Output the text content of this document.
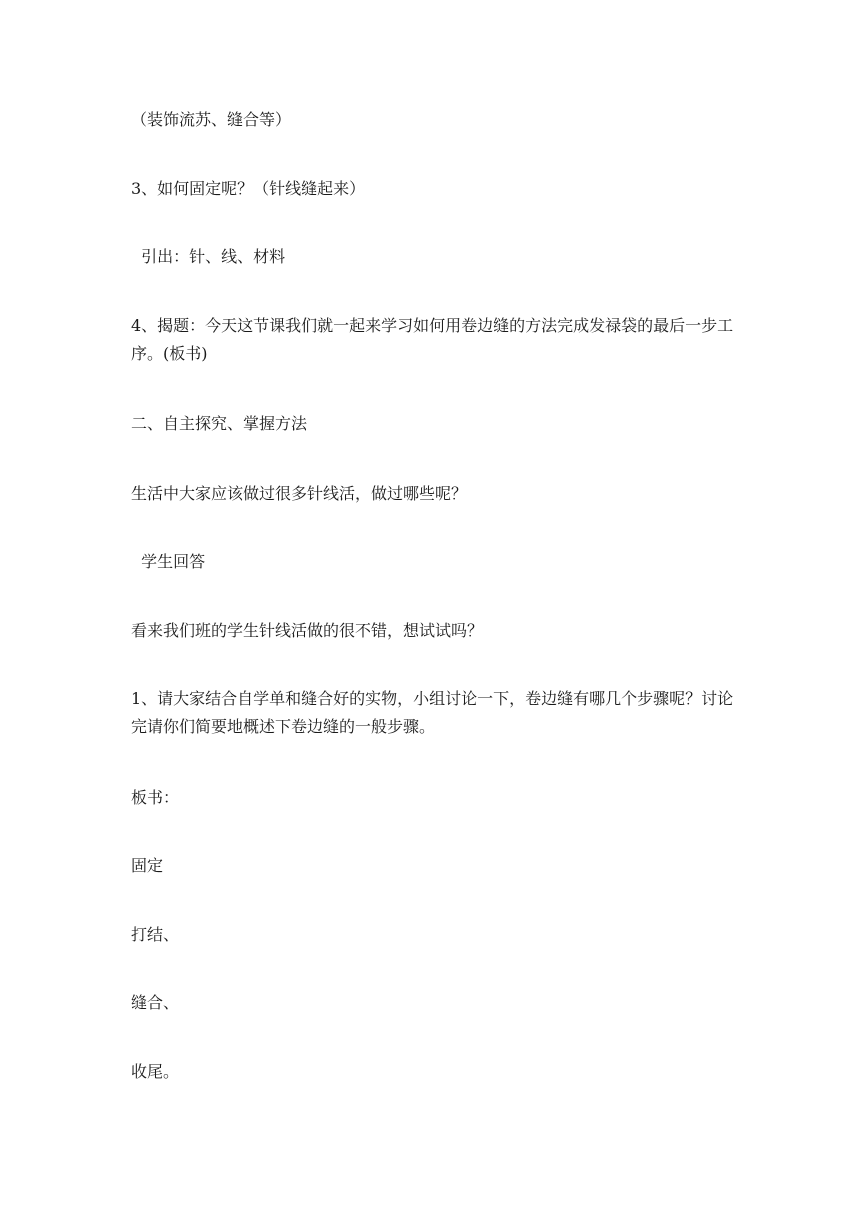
（装饰流苏、缝合等）

3、如何固定呢？（针线缝起来）

引出：针、线、材料

4、揭题：今天这节课我们就一起来学习如何用卷边缝的方法完成发禄袋的最后一步工序。(板书)

二、自主探究、掌握方法

生活中大家应该做过很多针线活，做过哪些呢？

学生回答

看来我们班的学生针线活做的很不错，想试试吗？

1、请大家结合自学单和缝合好的实物，小组讨论一下，卷边缝有哪几个步骤呢？讨论完请你们简要地概述下卷边缝的一般步骤。

板书：

固定

打结、

缝合、

收尾。
